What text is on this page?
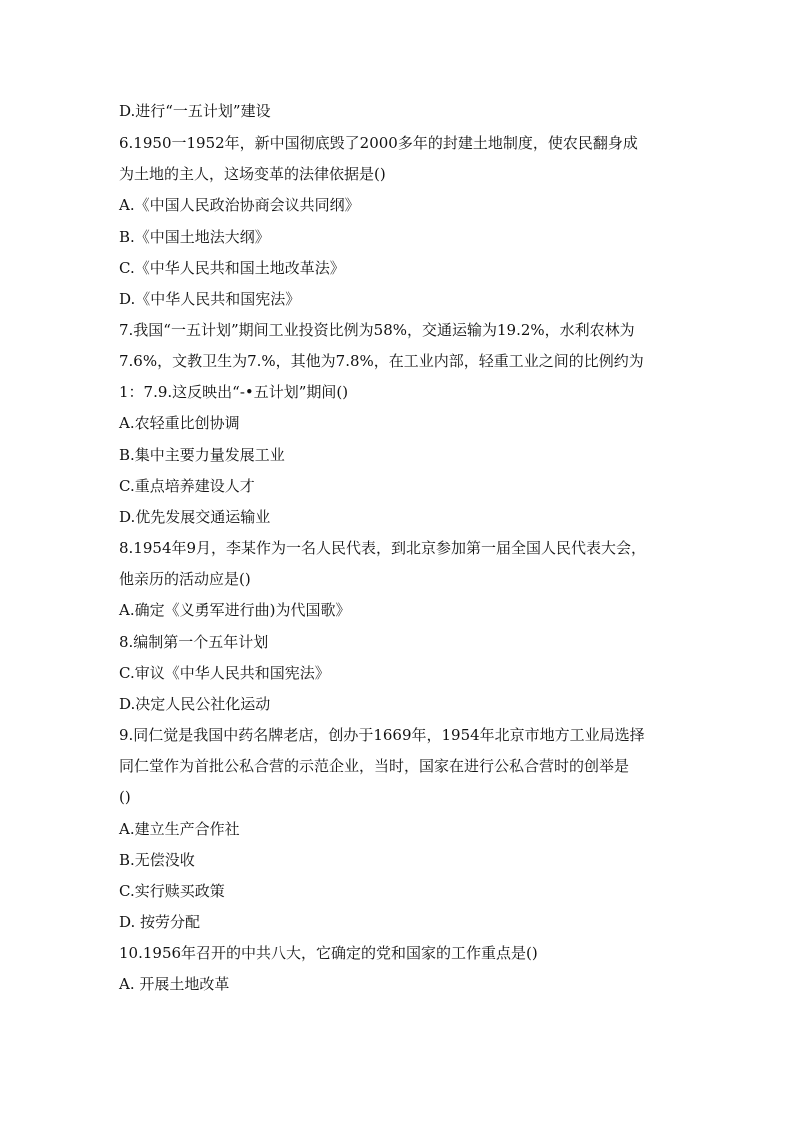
D.进行“一五计划”建设
6.1950一1952年，新中国彻底毁了2000多年的封建土地制度，使农民翻身成
为土地的主人，这场变革的法律依据是()
A.《中国人民政治协商会议共同纲》
B.《中国土地法大纲》
C.《中华人民共和国土地改革法》
D.《中华人民共和国宪法》
7.我国“一五计划”期间工业投资比例为58%，交通运输为19.2%，水利农林为
7.6%，文教卫生为7.%，其他为7.8%，在工业内部，轻重工业之间的比例约为
1：7.9.这反映出“-•五计划”期间()
A.农轻重比创协调
B.集中主要力量发展工业
C.重点培养建设人才
D.优先发展交通运输业
8.1954年9月，李某作为一名人民代表，到北京参加第一届全国人民代表大会，
他亲历的活动应是()
A.确定《义勇军进行曲)为代国歌》
8.编制第一个五年计划
C.审议《中华人民共和国宪法》
D.决定人民公社化运动
9.同仁觉是我国中药名牌老店，创办于1669年，1954年北京市地方工业局选择
同仁堂作为首批公私合营的示范企业，当时，国家在进行公私合营时的创举是
()
A.建立生产合作社
B.无偿没收
C.实行赎买政策
D. 按劳分配
10.1956年召开的中共八大，它确定的党和国家的工作重点是()
A. 开展土地改革
